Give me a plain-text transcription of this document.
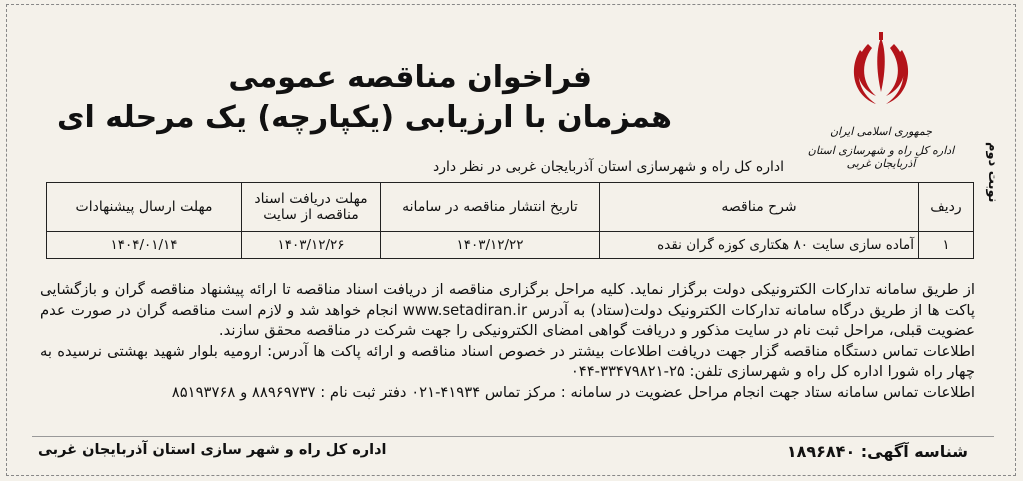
جمهوری اسلامی ایران
اداره کل راه و شهرسازی استان آذربایجان غربی	نوبت دوم
فراخوان مناقصه عمومی
همزمان با ارزیابی (یکپارچه) یک مرحله ای
اداره کل راه و شهرسازی استان آذربایجان غربی در نظر دارد
ردیف	شرح مناقصه	تاریخ انتشار مناقصه در سامانه	مهلت دریافت اسناد مناقصه از سایت	مهلت ارسال پیشنهادات
۱	آماده سازی سایت ۸۰ هکتاری کوزه گران نقده	۱۴۰۳/۱۲/۲۲	۱۴۰۳/۱۲/۲۶	۱۴۰۴/۰۱/۱۴

از طریق سامانه تدارکات الکترونیکی دولت برگزار نماید. کلیه مراحل برگزاری مناقصه از دریافت اسناد مناقصه تا ارائه پیشنهاد مناقصه گران و بازگشایی پاکت ها از طریق درگاه سامانه تدارکات الکترونیک دولت(ستاد) به آدرس www.setadiran.ir انجام خواهد شد و لازم است مناقصه گران در صورت عدم عضویت قبلی، مراحل ثبت نام در سایت مذکور و دریافت گواهی امضای الکترونیکی را جهت شرکت در مناقصه محقق سازند.

اطلاعات تماس دستگاه مناقصه گزار جهت دریافت اطلاعات بیشتر در خصوص اسناد مناقصه و ارائه پاکت ها آدرس: ارومیه بلوار شهید بهشتی نرسیده به چهار راه شورا اداره کل راه و شهرسازی تلفن: ۲۵-۳۳۴۷۹۸۲۱-۰۴۴

اطلاعات تماس سامانه ستاد جهت انجام مراحل عضویت در سامانه : مرکز تماس ۴۱۹۳۴-۰۲۱ دفتر ثبت نام : ۸۸۹۶۹۷۳۷ و ۸۵۱۹۳۷۶۸

شناسه آگهی: ۱۸۹۶۸۴۰
اداره کل راه و شهر سازی استان آذربایجان غربی
